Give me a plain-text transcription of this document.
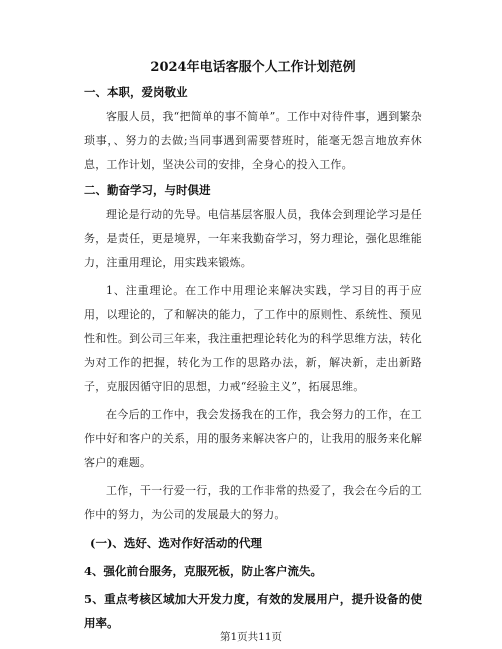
2024年电话客服个人工作计划范例
一、本职，爱岗敬业

客服人员，我“把简单的事不简单”。工作中对待件事，遇到繁杂琐事，、努力的去做;当同事遇到需要替班时，能毫无怨言地放弃休息，工作计划，坚决公司的安排，全身心的投入工作。

二、勤奋学习，与时俱进

理论是行动的先导。电信基层客服人员，我体会到理论学习是任务，是责任，更是境界，一年来我勤奋学习，努力理论，强化思维能力，注重用理论，用实践来锻炼。

1、注重理论。在工作中用理论来解决实践，学习目的再于应用，以理论的，了和解决的能力，了工作中的原则性、系统性、预见性和性。到公司三年来，我注重把理论转化为的科学思维方法，转化为对工作的把握，转化为工作的思路办法，新，解决新，走出新路子，克服因循守旧的思想，力戒“经验主义”，拓展思维。

在今后的工作中，我会发扬我在的工作，我会努力的工作，在工作中好和客户的关系，用的服务来解决客户的，让我用的服务来化解客户的难题。

工作，干一行爱一行，我的工作非常的热爱了，我会在今后的工作中的努力，为公司的发展最大的努力。

(一)、选好、选对作好活动的代理
4、强化前台服务，克服死板，防止客户流失。
5、重点考核区域加大开发力度，有效的发展用户，提升设备的使用率。
第1页共11页
